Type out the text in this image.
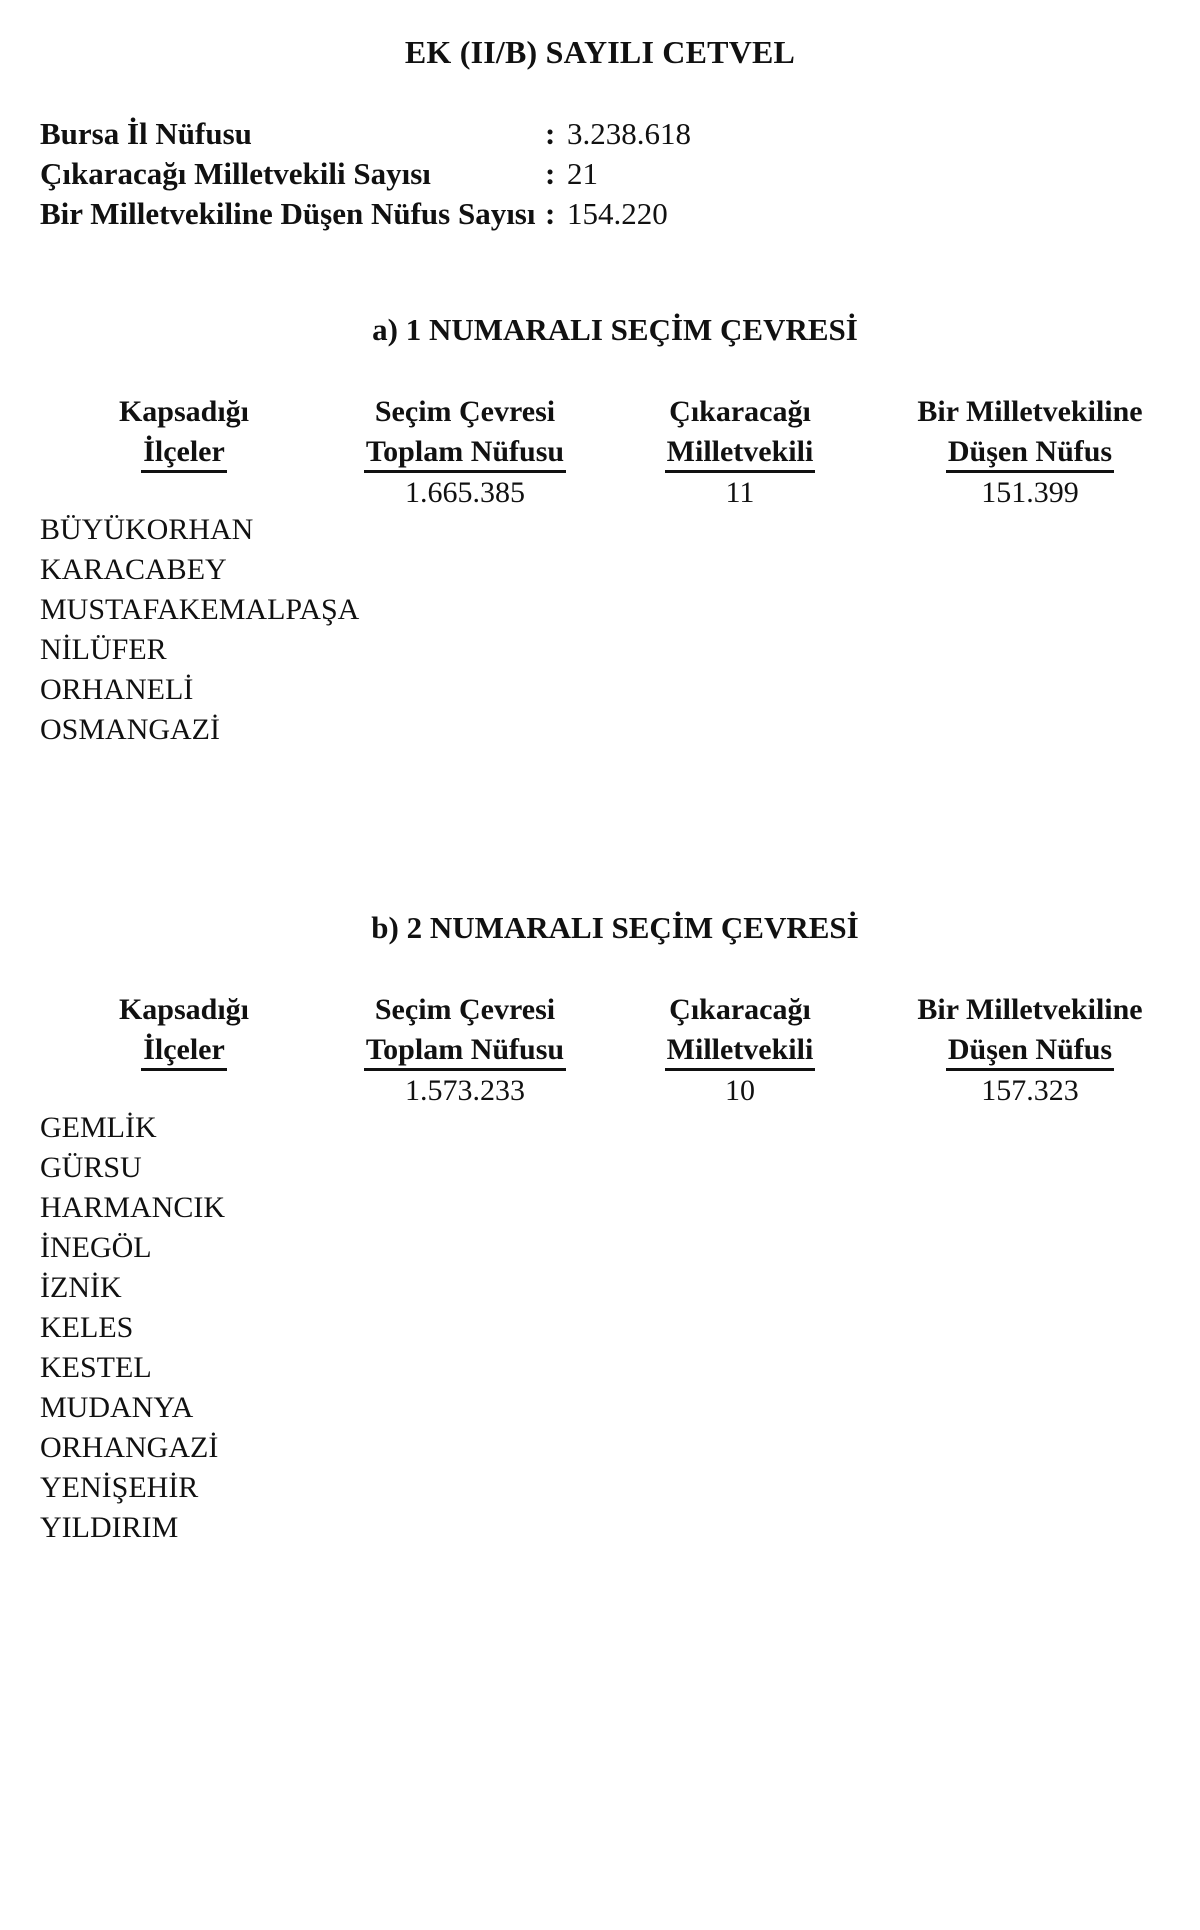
EK (II/B) SAYILI CETVEL
Bursa İl Nüfusu	: 3.238.618
Çıkaracağı Milletvekili Sayısı	: 21
Bir Milletvekiline Düşen Nüfus Sayısı : 154.220
a) 1 NUMARALI SEÇİM ÇEVRESİ
Kapsadığı
İlçeler
Seçim Çevresi
Toplam Nüfusu
1.665.385
Çıkaracağı
Milletvekili
11
Bir Milletvekiline
Düşen Nüfus
151.399
BÜYÜKORHAN
KARACABEY
MUSTAFAKEMALPAŞA
NİLÜFER
ORHANELİ
OSMANGAZİ
b) 2 NUMARALI SEÇİM ÇEVRESİ
Kapsadığı
İlçeler
Seçim Çevresi
Toplam Nüfusu
1.573.233
Çıkaracağı
Milletvekili
10
Bir Milletvekiline
Düşen Nüfus
157.323
GEMLİK
GÜRSU
HARMANCIK
İNEGÖL
İZNİK
KELES
KESTEL
MUDANYA
ORHANGAZİ
YENİŞEHİR
YILDIRIM
